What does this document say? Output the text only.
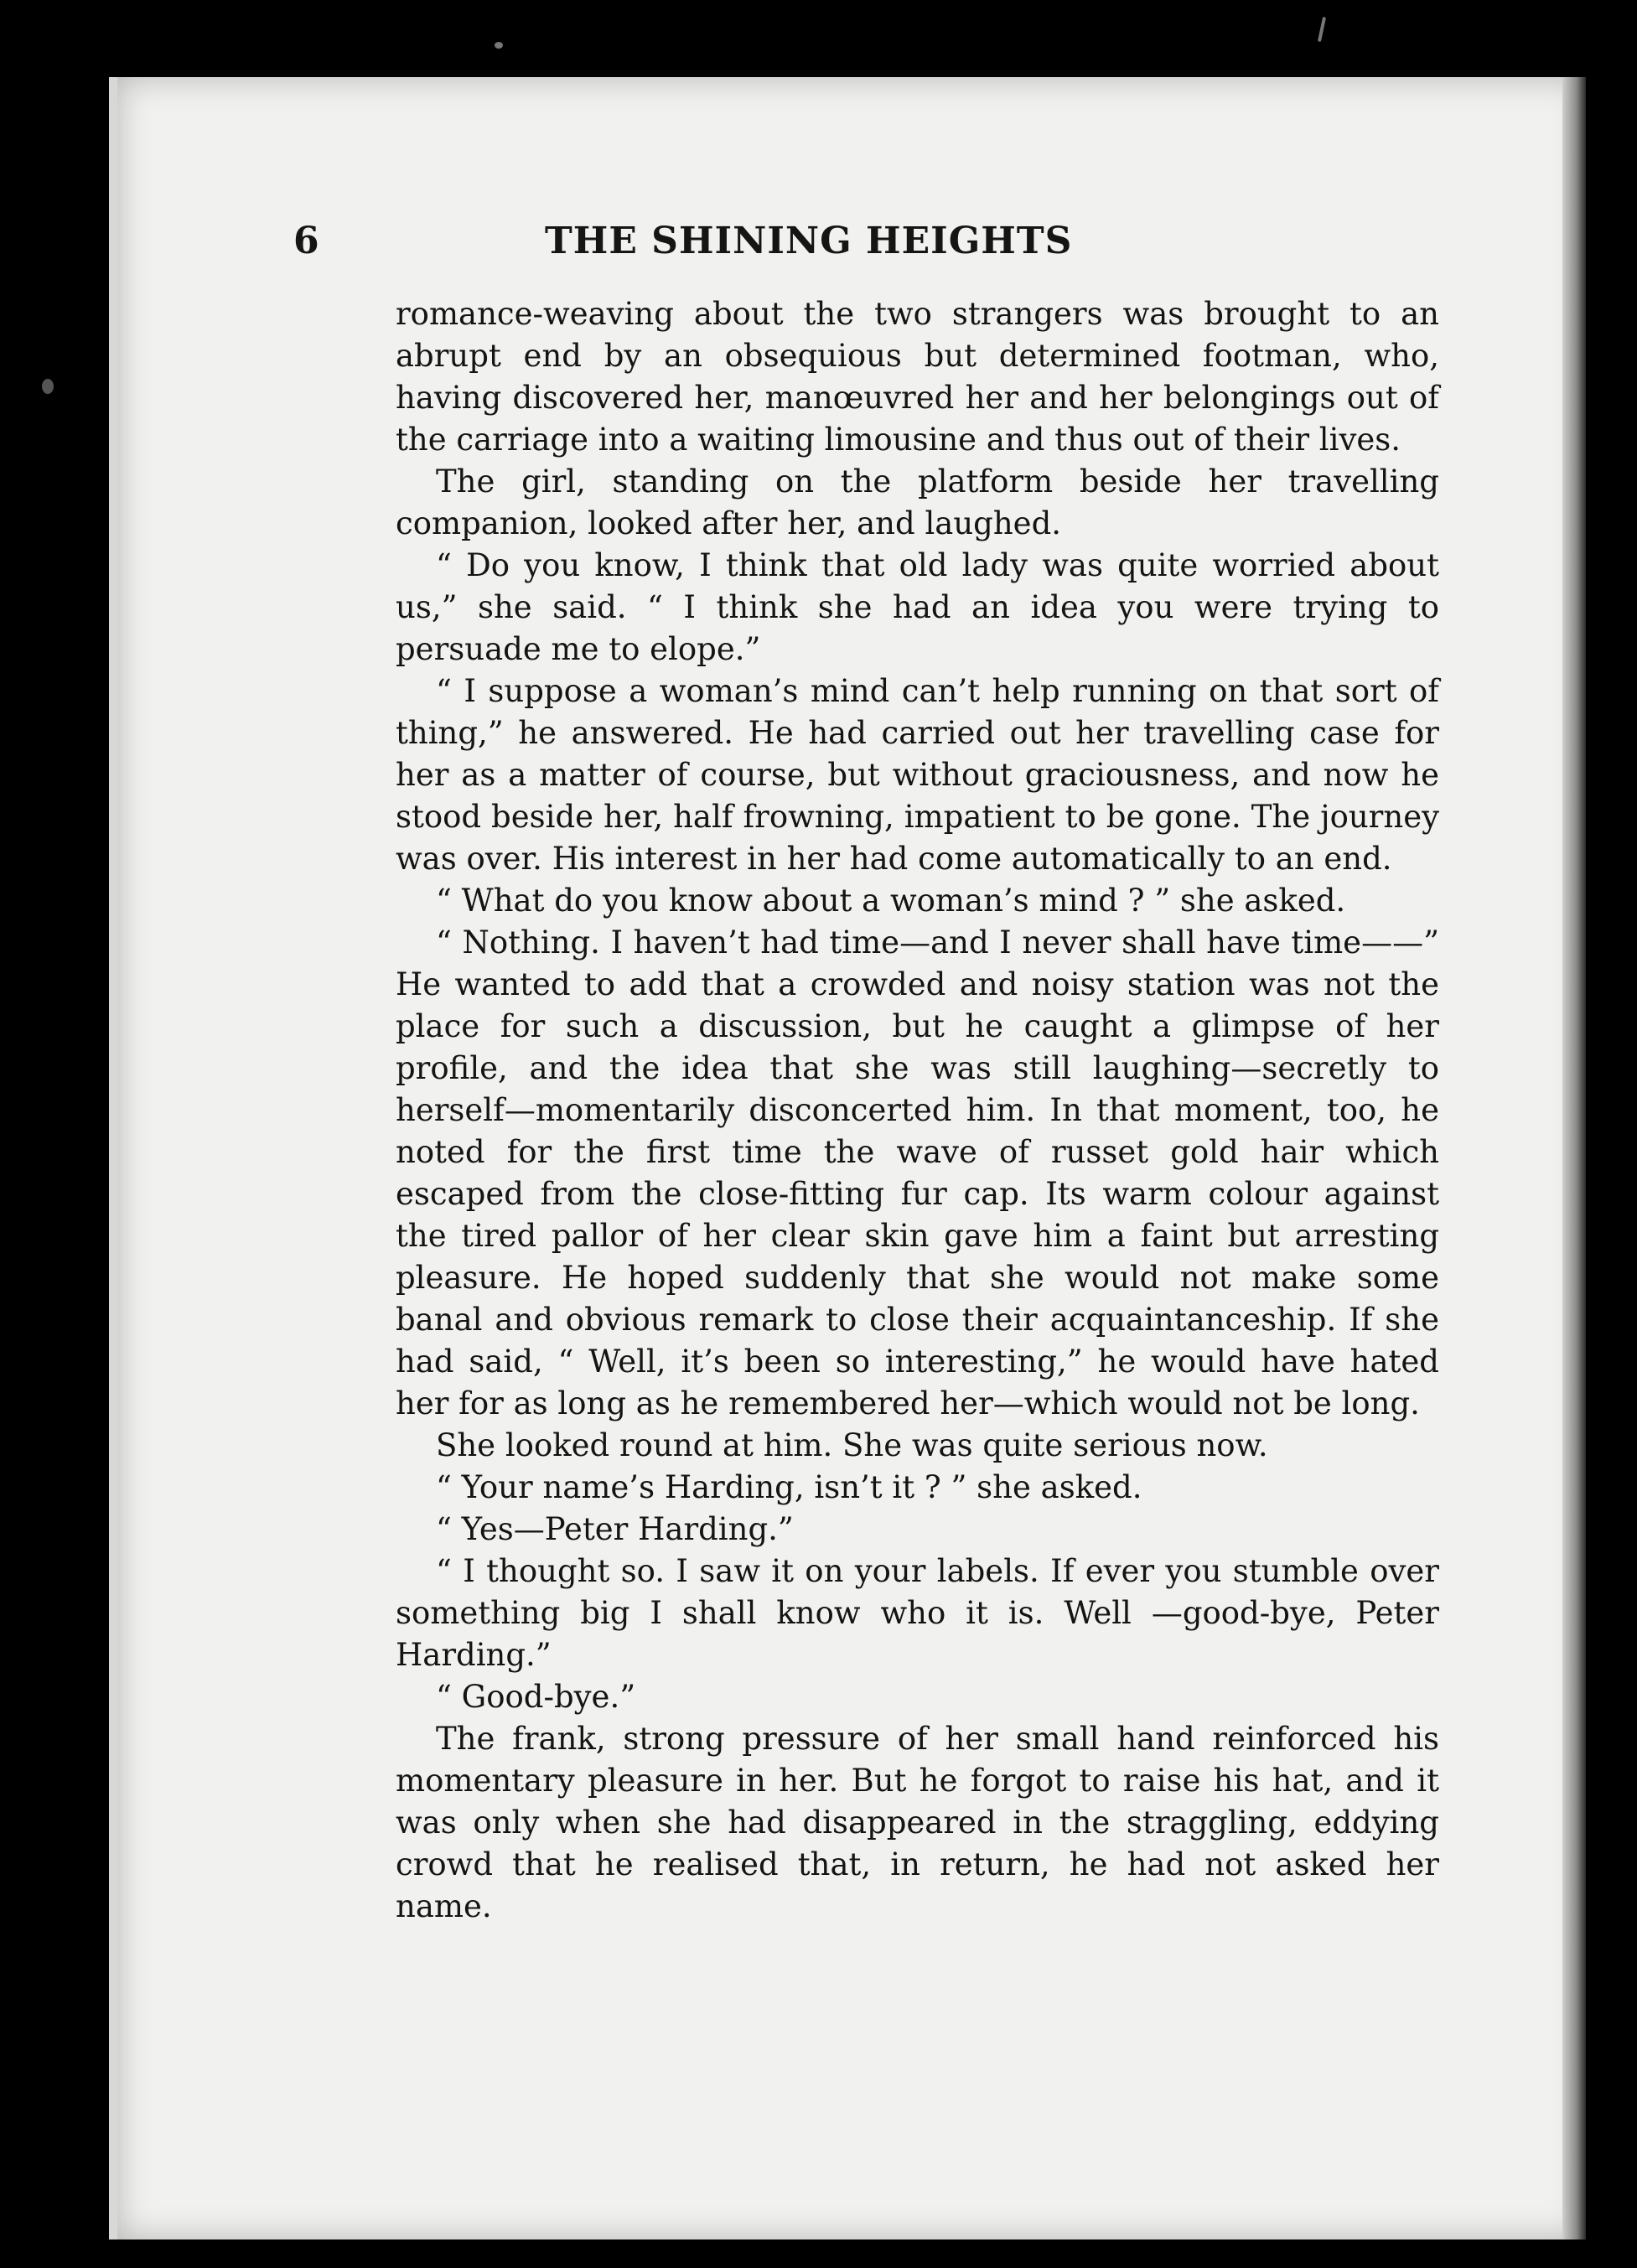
6	THE SHINING HEIGHTS

romance-weaving about the two strangers was brought to an abrupt end by an obsequious but determined footman, who, having discovered her, manœuvred her and her belongings out of the carriage into a waiting limousine and thus out of their lives.

The girl, standing on the platform beside her travelling companion, looked after her, and laughed.

“ Do you know, I think that old lady was quite worried about us,” she said. “ I think she had an idea you were trying to persuade me to elope.”

“ I suppose a woman’s mind can’t help running on that sort of thing,” he answered. He had carried out her travelling case for her as a matter of course, but without graciousness, and now he stood beside her, half frowning, impatient to be gone. The journey was over. His interest in her had come automatically to an end.

“ What do you know about a woman’s mind ? ” she asked.

“ Nothing. I haven’t had time—and I never shall have time——” He wanted to add that a crowded and noisy station was not the place for such a discussion, but he caught a glimpse of her profile, and the idea that she was still laughing—secretly to herself—momentarily disconcerted him. In that moment, too, he noted for the first time the wave of russet gold hair which escaped from the close-fitting fur cap. Its warm colour against the tired pallor of her clear skin gave him a faint but arresting pleasure. He hoped suddenly that she would not make some banal and obvious remark to close their acquaintanceship. If she had said, “ Well, it’s been so interesting,” he would have hated her for as long as he remembered her—which would not be long.

She looked round at him. She was quite serious now.

“ Your name’s Harding, isn’t it ? ” she asked.

“ Yes—Peter Harding.”

“ I thought so. I saw it on your labels. If ever you stumble over something big I shall know who it is. Well —good-bye, Peter Harding.”

“ Good-bye.”

The frank, strong pressure of her small hand reinforced his momentary pleasure in her. But he forgot to raise his hat, and it was only when she had disappeared in the straggling, eddying crowd that he realised that, in return, he had not asked her name.
